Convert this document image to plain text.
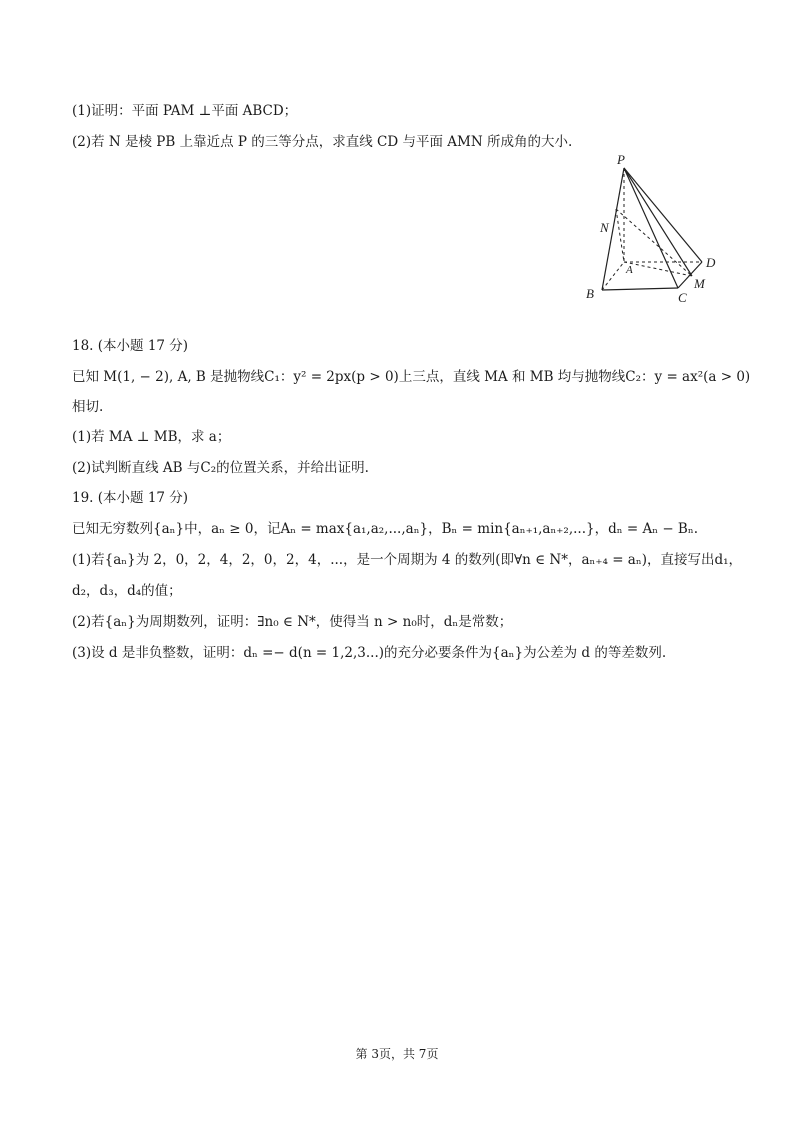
(1)证明：平面 PAM ⊥平面 ABCD；
(2)若 N 是棱 PB 上靠近点 P 的三等分点，求直线 CD 与平面 AMN 所成角的大小.
P
N
A
B	C
D
M
18. (本小题 17 分)
已知 M(1, − 2), A, B 是抛物线C₁：y² = 2px(p > 0)上三点，直线 MA 和 MB 均与抛物线C₂：y = ax²(a > 0)
相切.
(1)若 MA ⊥ MB，求 a；
(2)试判断直线 AB 与C₂的位置关系，并给出证明.
19. (本小题 17 分)
已知无穷数列{aₙ}中，aₙ ≥ 0，记Aₙ = max{a₁,a₂,...,aₙ}，Bₙ = min{aₙ₊₁,aₙ₊₂,...}，dₙ = Aₙ − Bₙ.
(1)若{aₙ}为 2，0，2，4，2，0，2，4，...，是一个周期为 4 的数列(即∀n ∈ N*，aₙ₊₄ = aₙ)，直接写出d₁，
d₂，d₃，d₄的值；
(2)若{aₙ}为周期数列，证明：∃n₀ ∈ N*，使得当 n > n₀时，dₙ是常数；
(3)设 d 是非负整数，证明：dₙ =− d(n = 1,2,3...)的充分必要条件为{aₙ}为公差为 d 的等差数列.
第 3页，共 7页
